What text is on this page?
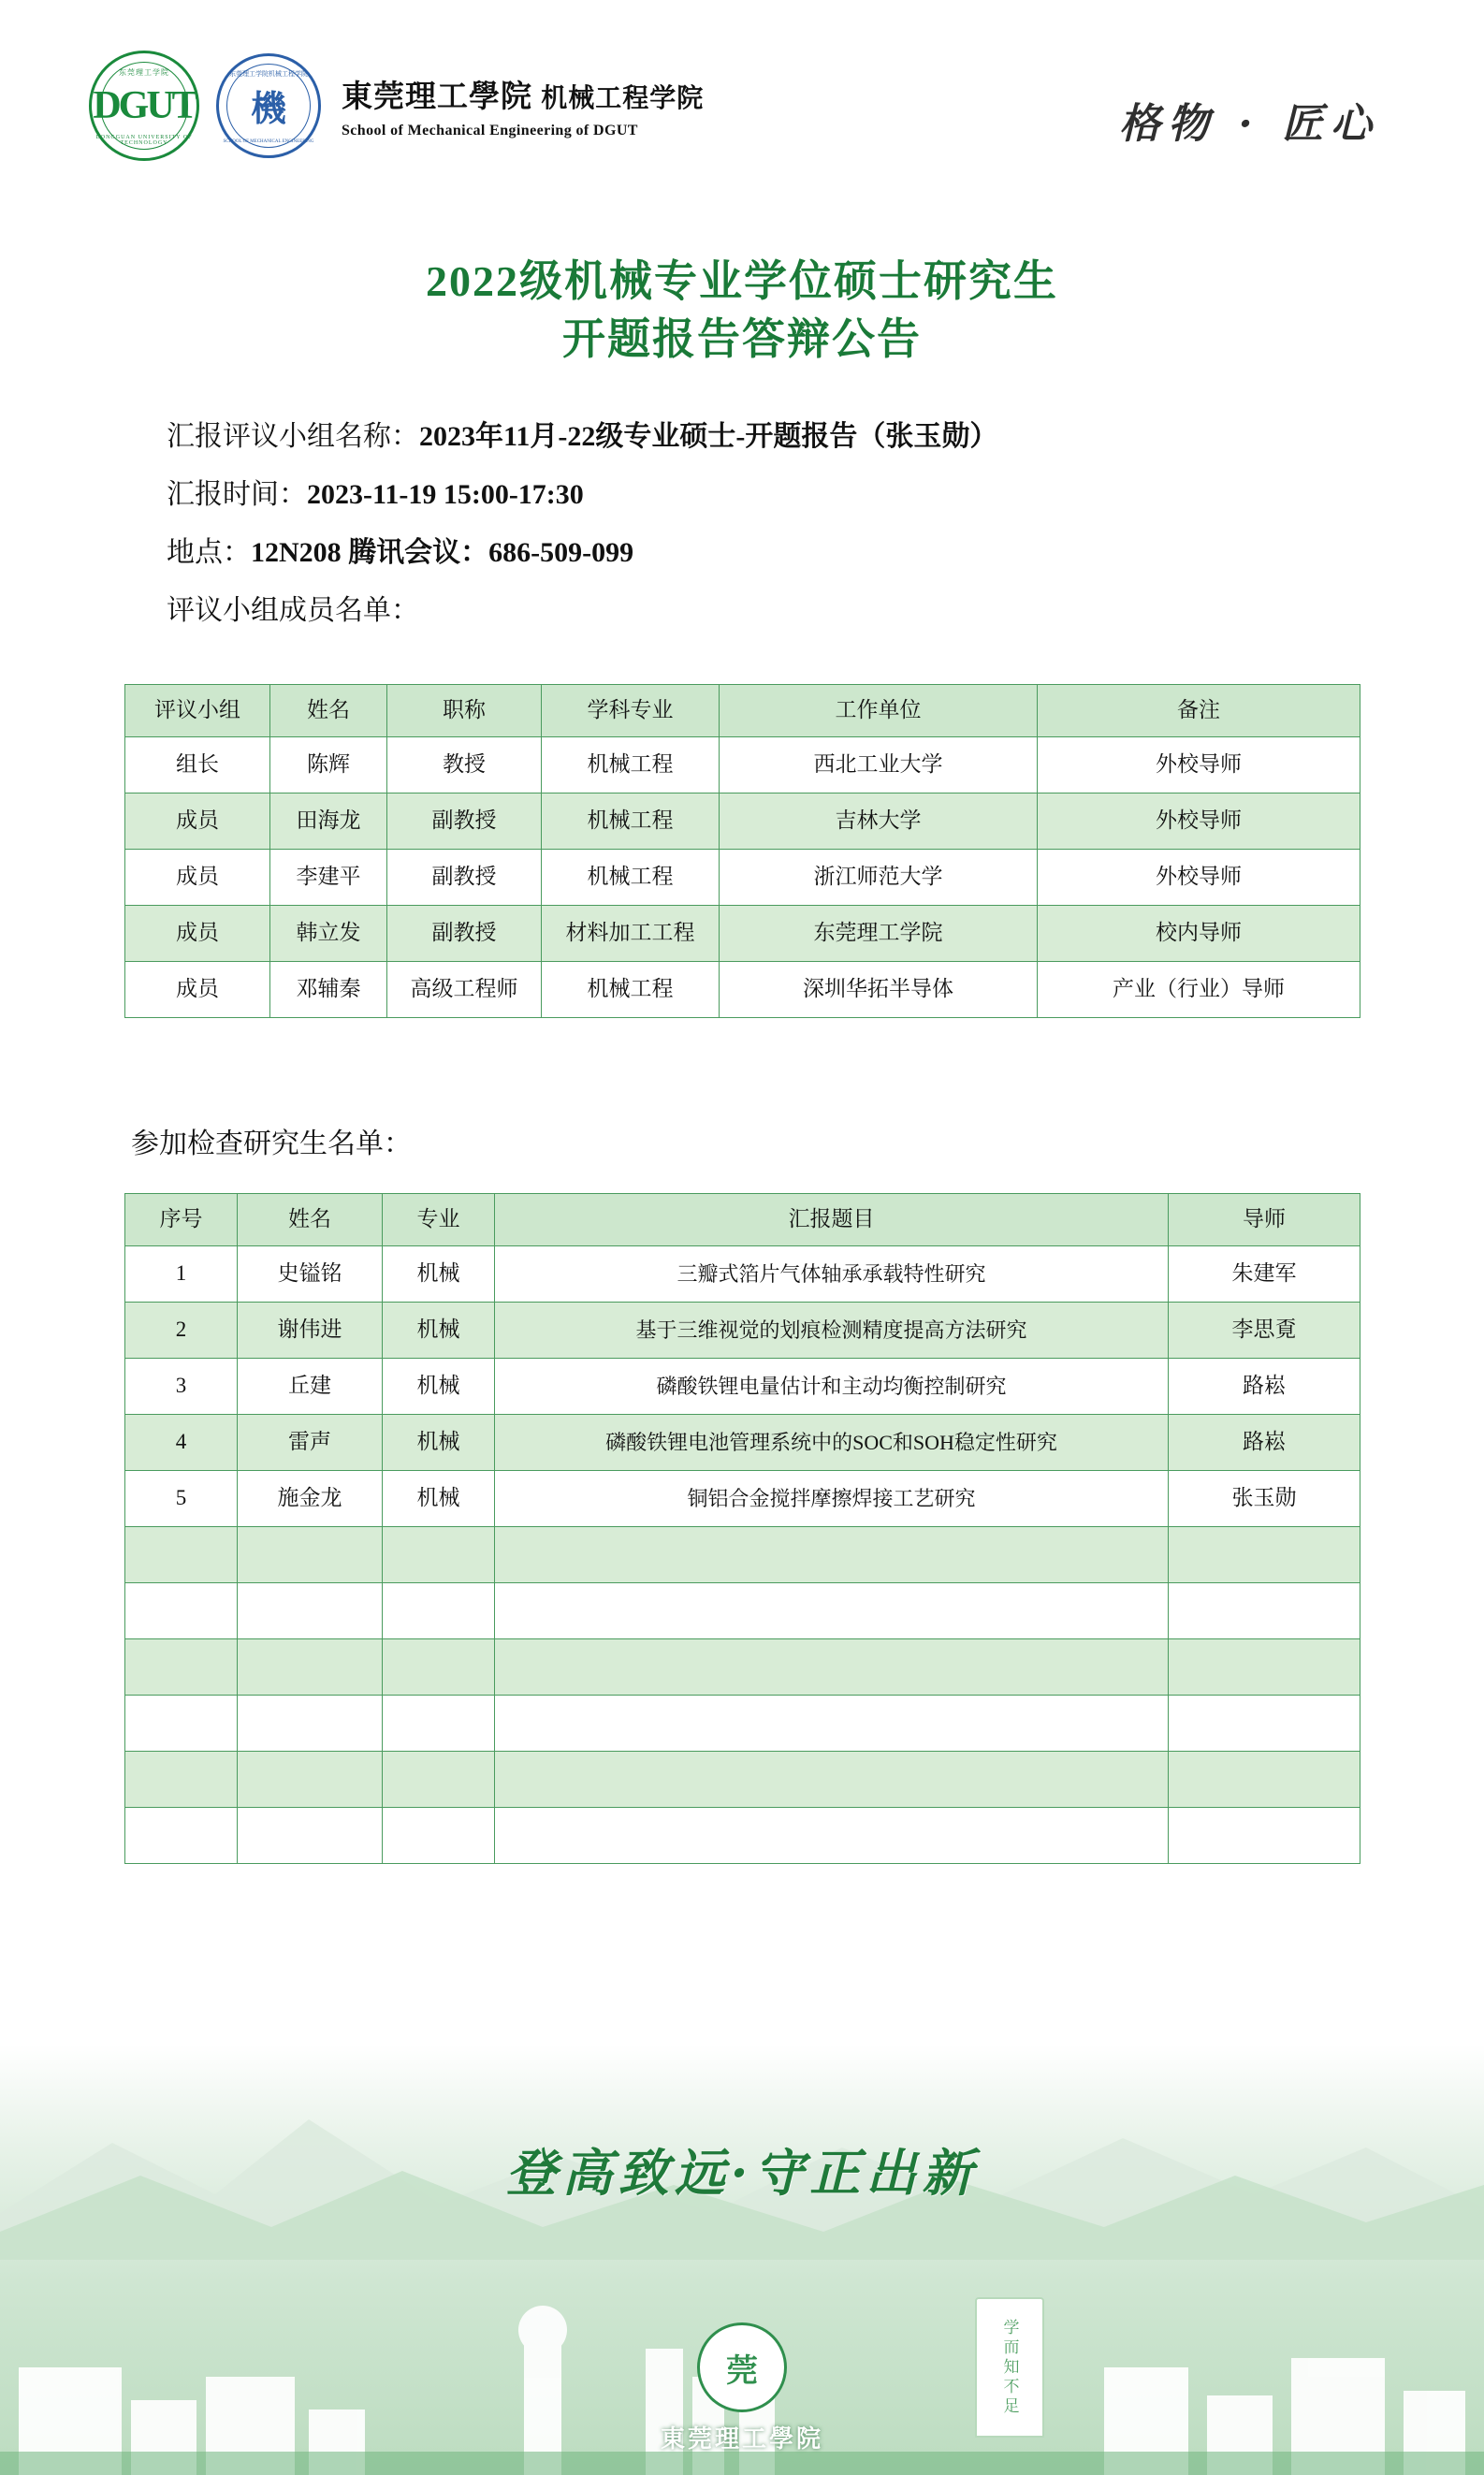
东莞理工学院
DGUT
DONGGUAN UNIVERSITY OF TECHNOLOGY
东莞理工学院机械工程学院
機
SCHOOL OF MECHANICAL ENGINEERING
東莞理工學院 机械工程学院
School of Mechanical Engineering of DGUT	格物 · 匠心
2022级机械专业学位硕士研究生
开题报告答辩公告
汇报评议小组名称：2023年11月-22级专业硕士-开题报告（张玉勋）
汇报时间：2023-11-19 15:00-17:30
地点：12N208 腾讯会议：686-509-099
评议小组成员名单：
评议小组	姓名	职称	学科专业	工作单位	备注
组长	陈辉	教授	机械工程	西北工业大学	外校导师
成员	田海龙	副教授	机械工程	吉林大学	外校导师
成员	李建平	副教授	机械工程	浙江师范大学	外校导师
成员	韩立发	副教授	材料加工工程	东莞理工学院	校内导师
成员	邓辅秦	高级工程师	机械工程	深圳华拓半导体	产业（行业）导师
参加检查研究生名单：
序号	姓名	专业	汇报题目	导师
1	史镒铭	机械	三瓣式箔片气体轴承承载特性研究	朱建军
2	谢伟进	机械	基于三维视觉的划痕检测精度提高方法研究	李思覔
3	丘建	机械	磷酸铁锂电量估计和主动均衡控制研究	路崧
4	雷声	机械	磷酸铁锂电池管理系统中的SOC和SOH稳定性研究	路崧
5	施金龙	机械	铜铝合金搅拌摩擦焊接工艺研究	张玉勋

登高致远·守正出新
学而知不足
莞
東莞理工學院
